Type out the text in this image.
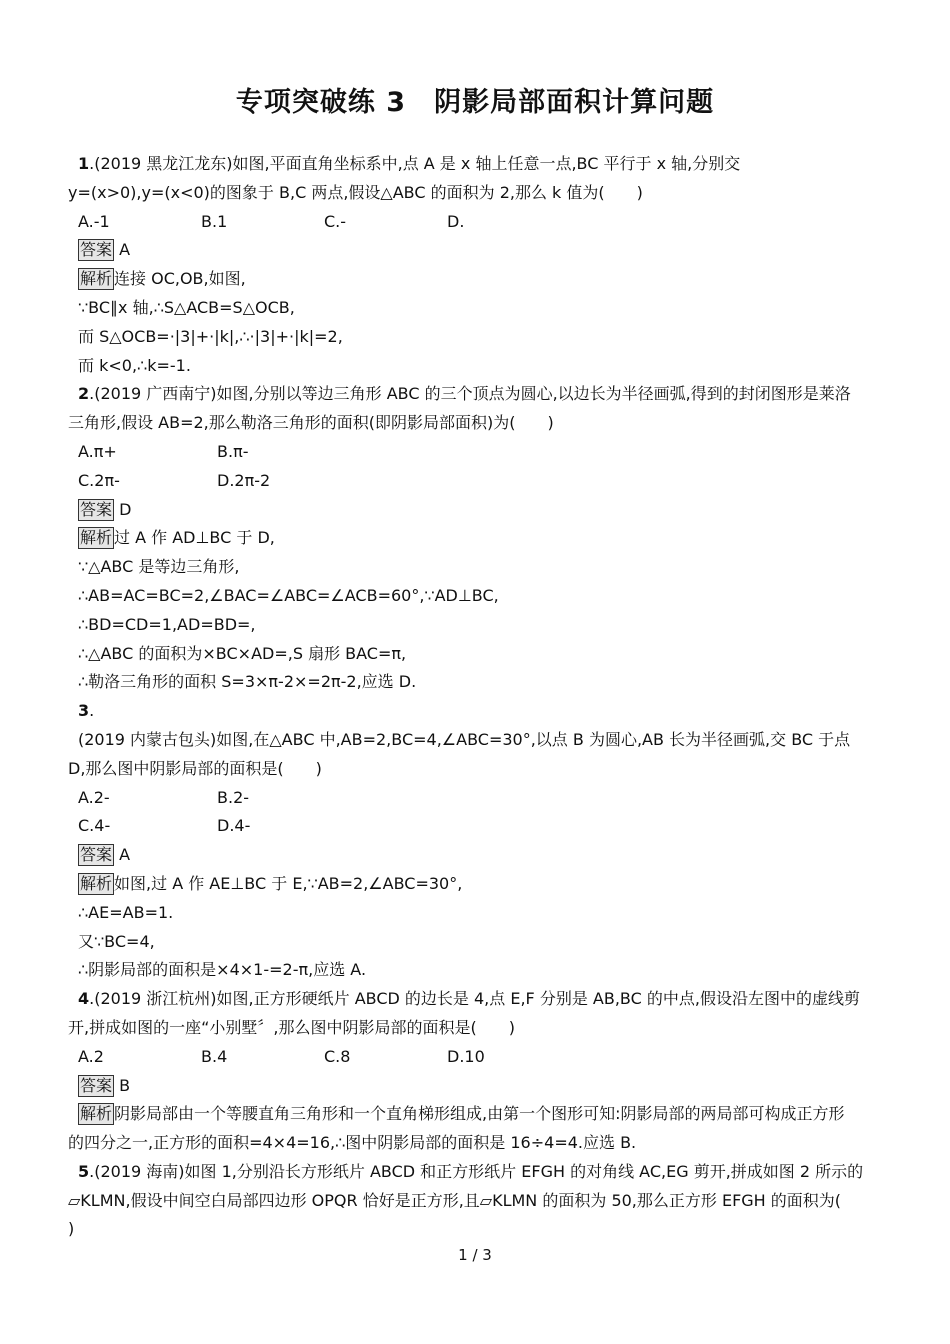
专项突破练 3　阴影局部面积计算问题
1.(2019 黑龙江龙东)如图,平面直角坐标系中,点 A 是 x 轴上任意一点,BC 平行于 x 轴,分别交
y=(x>0),y=(x<0)的图象于 B,C 两点,假设△ABC 的面积为 2,那么 k 值为(　　)
A.-1	B.1	C.-	D.
答案 A
解析 连接 OC,OB,如图,
∵BC∥x 轴,∴S△ACB=S△OCB,
而 S△OCB=·|3|+·|k|,∴·|3|+·|k|=2,
而 k<0,∴k=-1.
2.(2019 广西南宁)如图,分别以等边三角形 ABC 的三个顶点为圆心,以边长为半径画弧,得到的封闭图形是莱洛
三角形,假设 AB=2,那么勒洛三角形的面积(即阴影局部面积)为(　　)
A.π+	B.π-
C.2π-	D.2π-2
答案 D
解析 过 A 作 AD⊥BC 于 D,
∵△ABC 是等边三角形,
∴AB=AC=BC=2,∠BAC=∠ABC=∠ACB=60°,∵AD⊥BC,
∴BD=CD=1,AD=BD=,
∴△ABC 的面积为×BC×AD=,S 扇形 BAC=π,
∴勒洛三角形的面积 S=3×π-2×=2π-2,应选 D.
3.
(2019 内蒙古包头)如图,在△ABC 中,AB=2,BC=4,∠ABC=30°,以点 B 为圆心,AB 长为半径画弧,交 BC 于点
D,那么图中阴影局部的面积是(　　)
A.2-	B.2-
C.4-	D.4-
答案 A
解析 如图,过 A 作 AE⊥BC 于 E,∵AB=2,∠ABC=30°,
∴AE=AB=1.
又∵BC=4,
∴阴影局部的面积是×4×1-=2-π,应选 A.
4.(2019 浙江杭州)如图,正方形硬纸片 ABCD 的边长是 4,点 E,F 分别是 AB,BC 的中点,假设沿左图中的虚线剪
开,拼成如图的一座“小别墅〞,那么图中阴影局部的面积是(　　)
A.2	B.4	C.8	D.10
答案 B
解析 阴影局部由一个等腰直角三角形和一个直角梯形组成,由第一个图形可知:阴影局部的两局部可构成正方形
的四分之一,正方形的面积=4×4=16,∴图中阴影局部的面积是 16÷4=4.应选 B.
5.(2019 海南)如图 1,分别沿长方形纸片 ABCD 和正方形纸片 EFGH 的对角线 AC,EG 剪开,拼成如图 2 所示的
▱KLMN,假设中间空白局部四边形 OPQR 恰好是正方形,且▱KLMN 的面积为 50,那么正方形 EFGH 的面积为(
)
1 / 3
